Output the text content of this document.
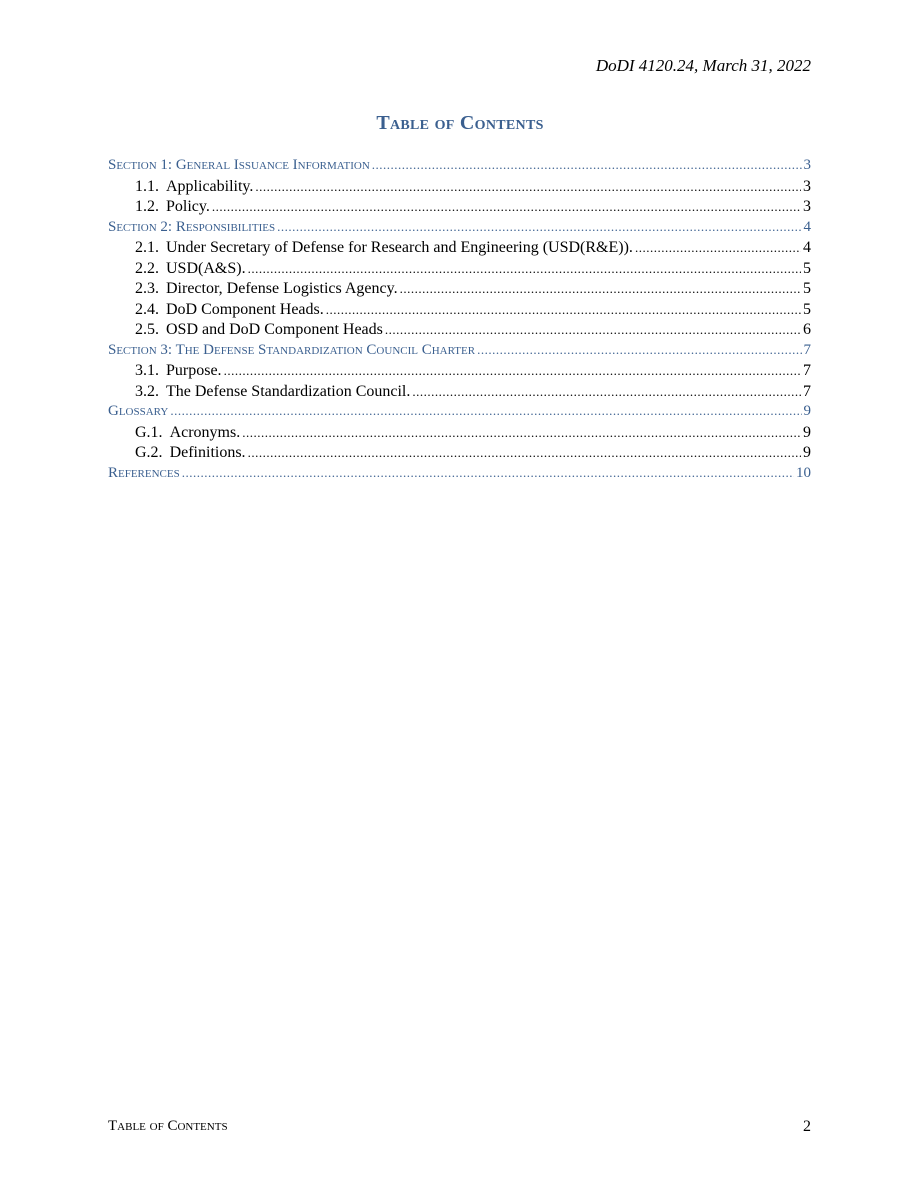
DoDI 4120.24, March 31, 2022
Table of Contents
Section 1: General Issuance Information .....	3
1.1. Applicability. .....	3
1.2. Policy. .....	3
Section 2: Responsibilities .....	4
2.1. Under Secretary of Defense for Research and Engineering (USD(R&E)). .....	4
2.2. USD(A&S). .....	5
2.3. Director, Defense Logistics Agency. .....	5
2.4. DoD Component Heads. .....	5
2.5. OSD and DoD Component Heads .....	6
Section 3: The Defense Standardization Council Charter .....	7
3.1. Purpose. .....	7
3.2. The Defense Standardization Council. .....	7
Glossary .....	9
G.1. Acronyms. .....	9
G.2. Definitions. .....	9
References .....	10
Table of Contents	2
